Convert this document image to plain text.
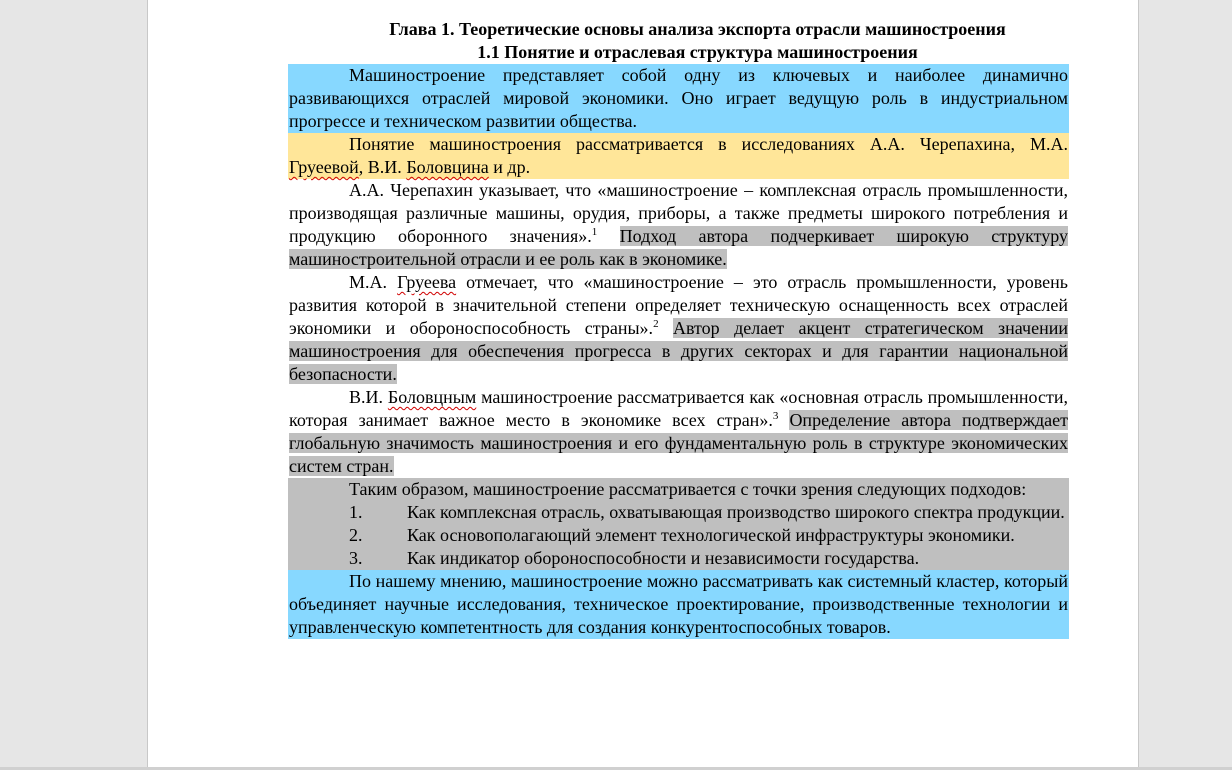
Глава 1. Теоретические основы анализа экспорта отрасли машиностроения

1.1 Понятие и отраслевая структура машиностроения

Машиностроение представляет собой одну из ключевых и наиболее динамично развивающихся отраслей мировой экономики. Оно играет ведущую роль в индустриальном прогрессе и техническом развитии общества.

Понятие машиностроения рассматривается в исследованиях А.А. Черепахина, М.А. Груеевой, В.И. Боловцина и др.

А.А. Черепахин указывает, что «машиностроение – комплексная отрасль промышленности, производящая различные машины, орудия, приборы, а также предметы широкого потребления и продукцию оборонного значения».$^1$ Подход автора подчеркивает широкую структуру машиностроительной отрасли и ее роль как в экономике.

М.А. Груеева отмечает, что «машиностроение – это отрасль промышленности, уровень развития которой в значительной степени определяет техническую оснащенность всех отраслей экономики и обороноспособность страны».$^2$ Автор делает акцент стратегическом значении машиностроения для обеспечения прогресса в других секторах и для гарантии национальной безопасности.

В.И. Боловцным машиностроение рассматривается как «основная отрасль промышленности, которая занимает важное место в экономике всех стран».$^3$ Определение автора подтверждает глобальную значимость машиностроения и его фундаментальную роль в структуре экономических систем стран.

Таким образом, машиностроение рассматривается с точки зрения следующих подходов:

1. Как комплексная отрасль, охватывающая производство широкого спектра продукции.

2. Как основополагающий элемент технологической инфраструктуры экономики.

3. Как индикатор обороноспособности и независимости государства.

По нашему мнению, машиностроение можно рассматривать как системный кластер, который объединяет научные исследования, техническое проектирование, производственные технологии и управленческую компетентность для создания конкурентоспособных товаров.
